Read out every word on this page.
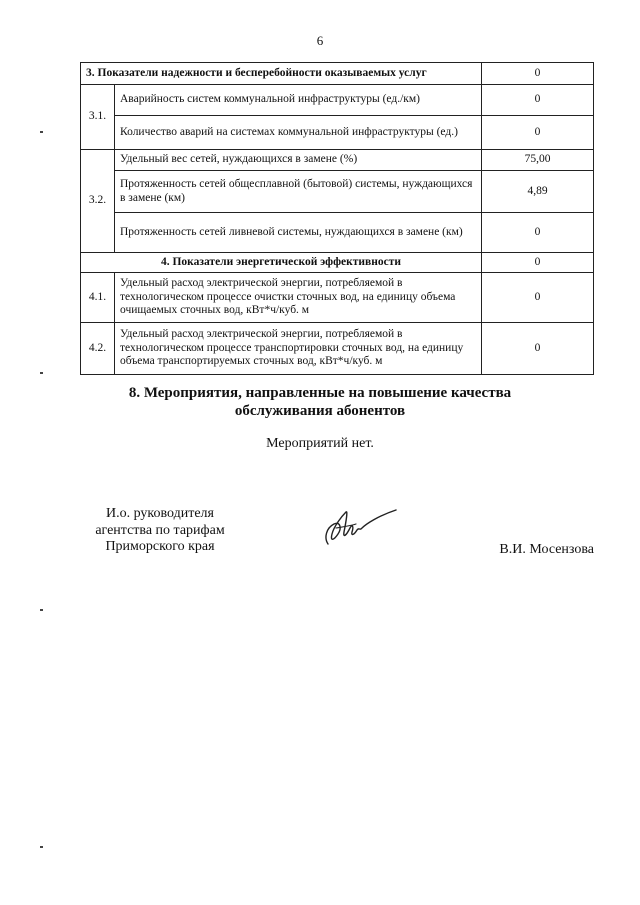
6
3. Показатели надежности и бесперебойности оказываемых услуг		0
3.1.	Аварийность систем коммунальной инфраструктуры (ед./км)	0
	Количество аварий на системах коммунальной инфраструктуры (ед.)	0
3.2.	Удельный вес сетей, нуждающихся в замене (%)	75,00
	Протяженность сетей общесплавной (бытовой) системы, нуждающихся в замене (км)	4,89
	Протяженность сетей ливневой системы, нуждающихся в замене (км)	0
4. Показатели энергетической эффективности		0
4.1.	Удельный расход электрической энергии, потребляемой в технологическом процессе очистки сточных вод, на единицу объема очищаемых сточных вод, кВт*ч/куб. м	0
4.2.	Удельный расход электрической энергии, потребляемой в технологическом процессе транспортировки сточных вод, на единицу объема транспортируемых сточных вод, кВт*ч/куб. м	0
8. Мероприятия, направленные на повышение качества
обслуживания абонентов
Мероприятий нет.
И.о. руководителя
агентства по тарифам
Приморского края	В.И. Мосензова
